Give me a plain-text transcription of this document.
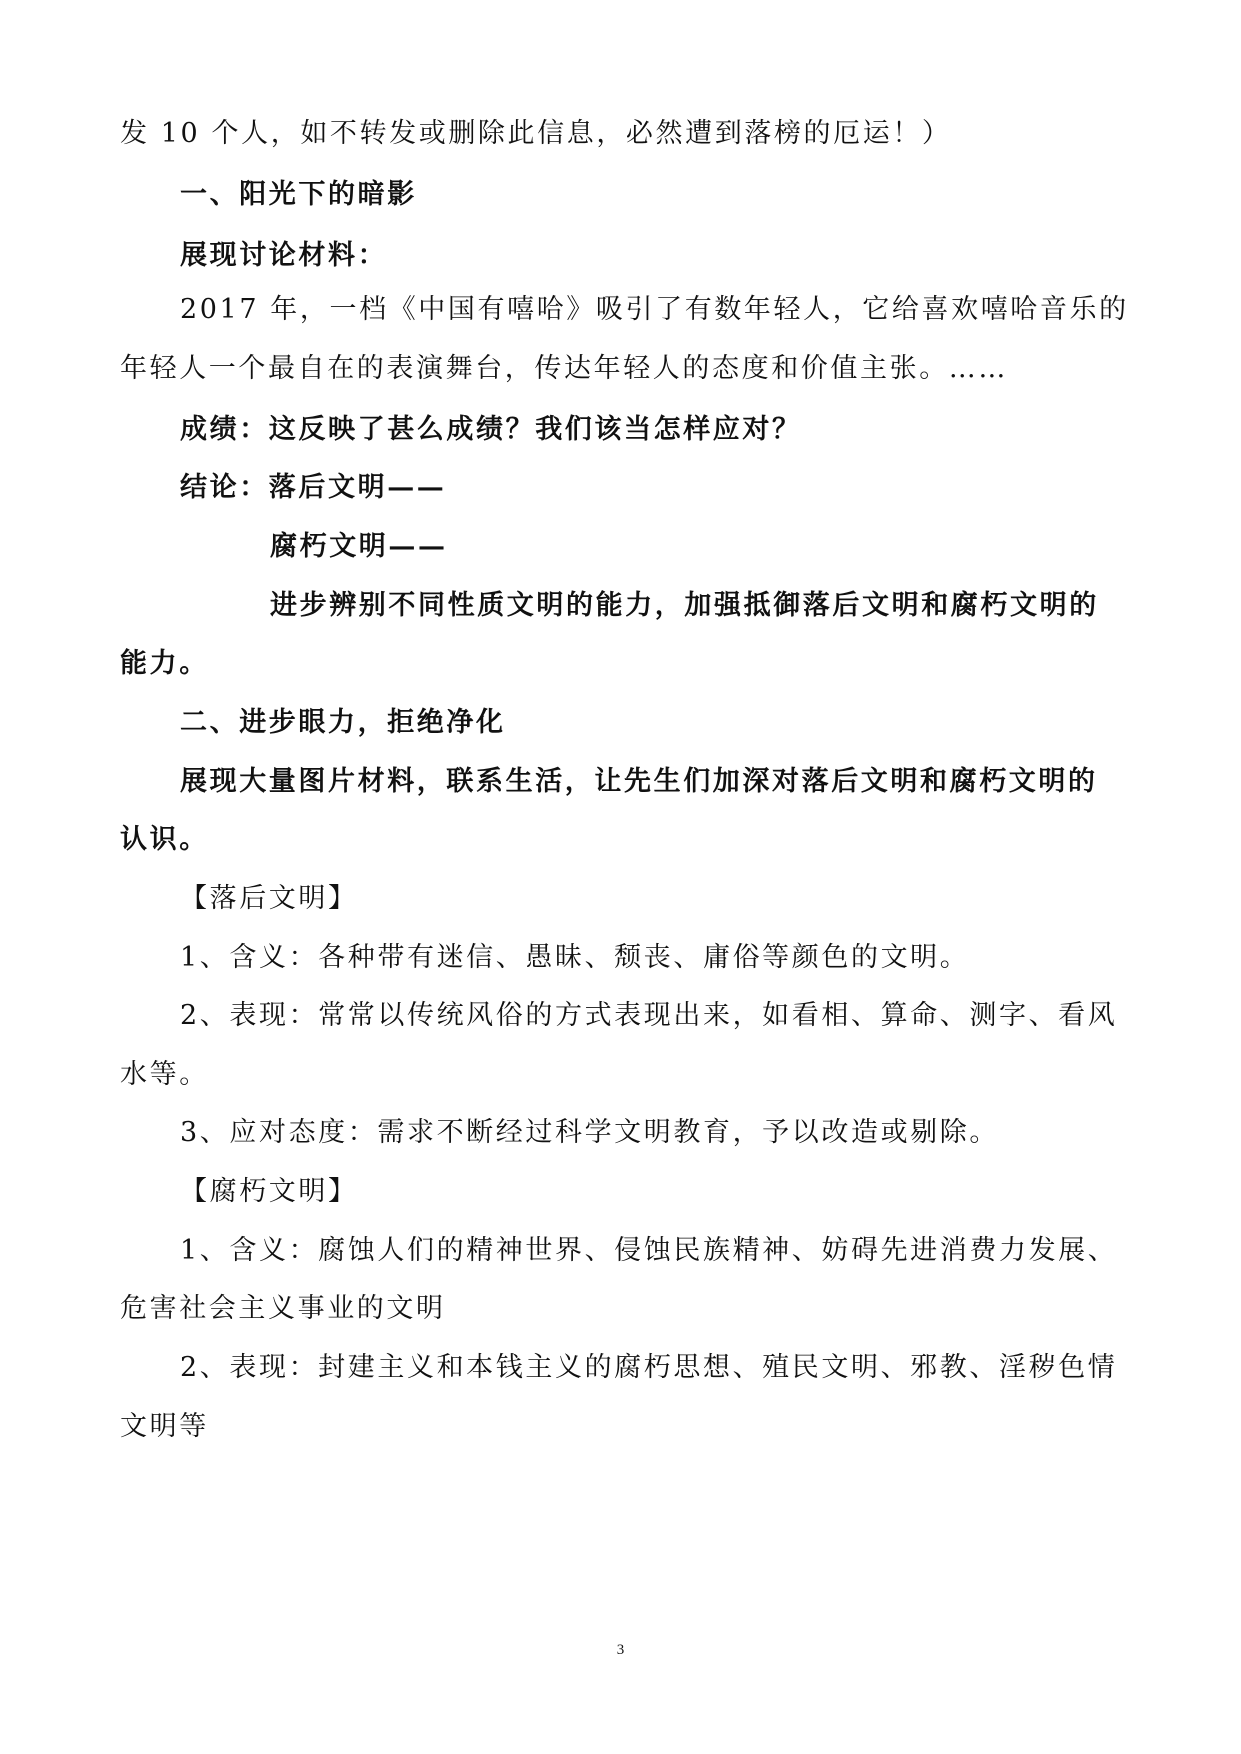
发 10 个人，如不转发或删除此信息，必然遭到落榜的厄运！）
一、阳光下的暗影
展现讨论材料：
2017 年，一档《中国有嘻哈》吸引了有数年轻人，它给喜欢嘻哈音乐的
年轻人一个最自在的表演舞台，传达年轻人的态度和价值主张。……
成绩：这反映了甚么成绩？我们该当怎样应对？
结论：落后文明——
腐朽文明——
进步辨别不同性质文明的能力，加强抵御落后文明和腐朽文明的
能力。
二、进步眼力，拒绝净化
展现大量图片材料，联系生活，让先生们加深对落后文明和腐朽文明的
认识。
【落后文明】
1、含义：各种带有迷信、愚昧、颓丧、庸俗等颜色的文明。
2、表现：常常以传统风俗的方式表现出来，如看相、算命、测字、看风
水等。
3、应对态度：需求不断经过科学文明教育，予以改造或剔除。
【腐朽文明】
1、含义：腐蚀人们的精神世界、侵蚀民族精神、妨碍先进消费力发展、
危害社会主义事业的文明
2、表现：封建主义和本钱主义的腐朽思想、殖民文明、邪教、淫秽色情
文明等
3
